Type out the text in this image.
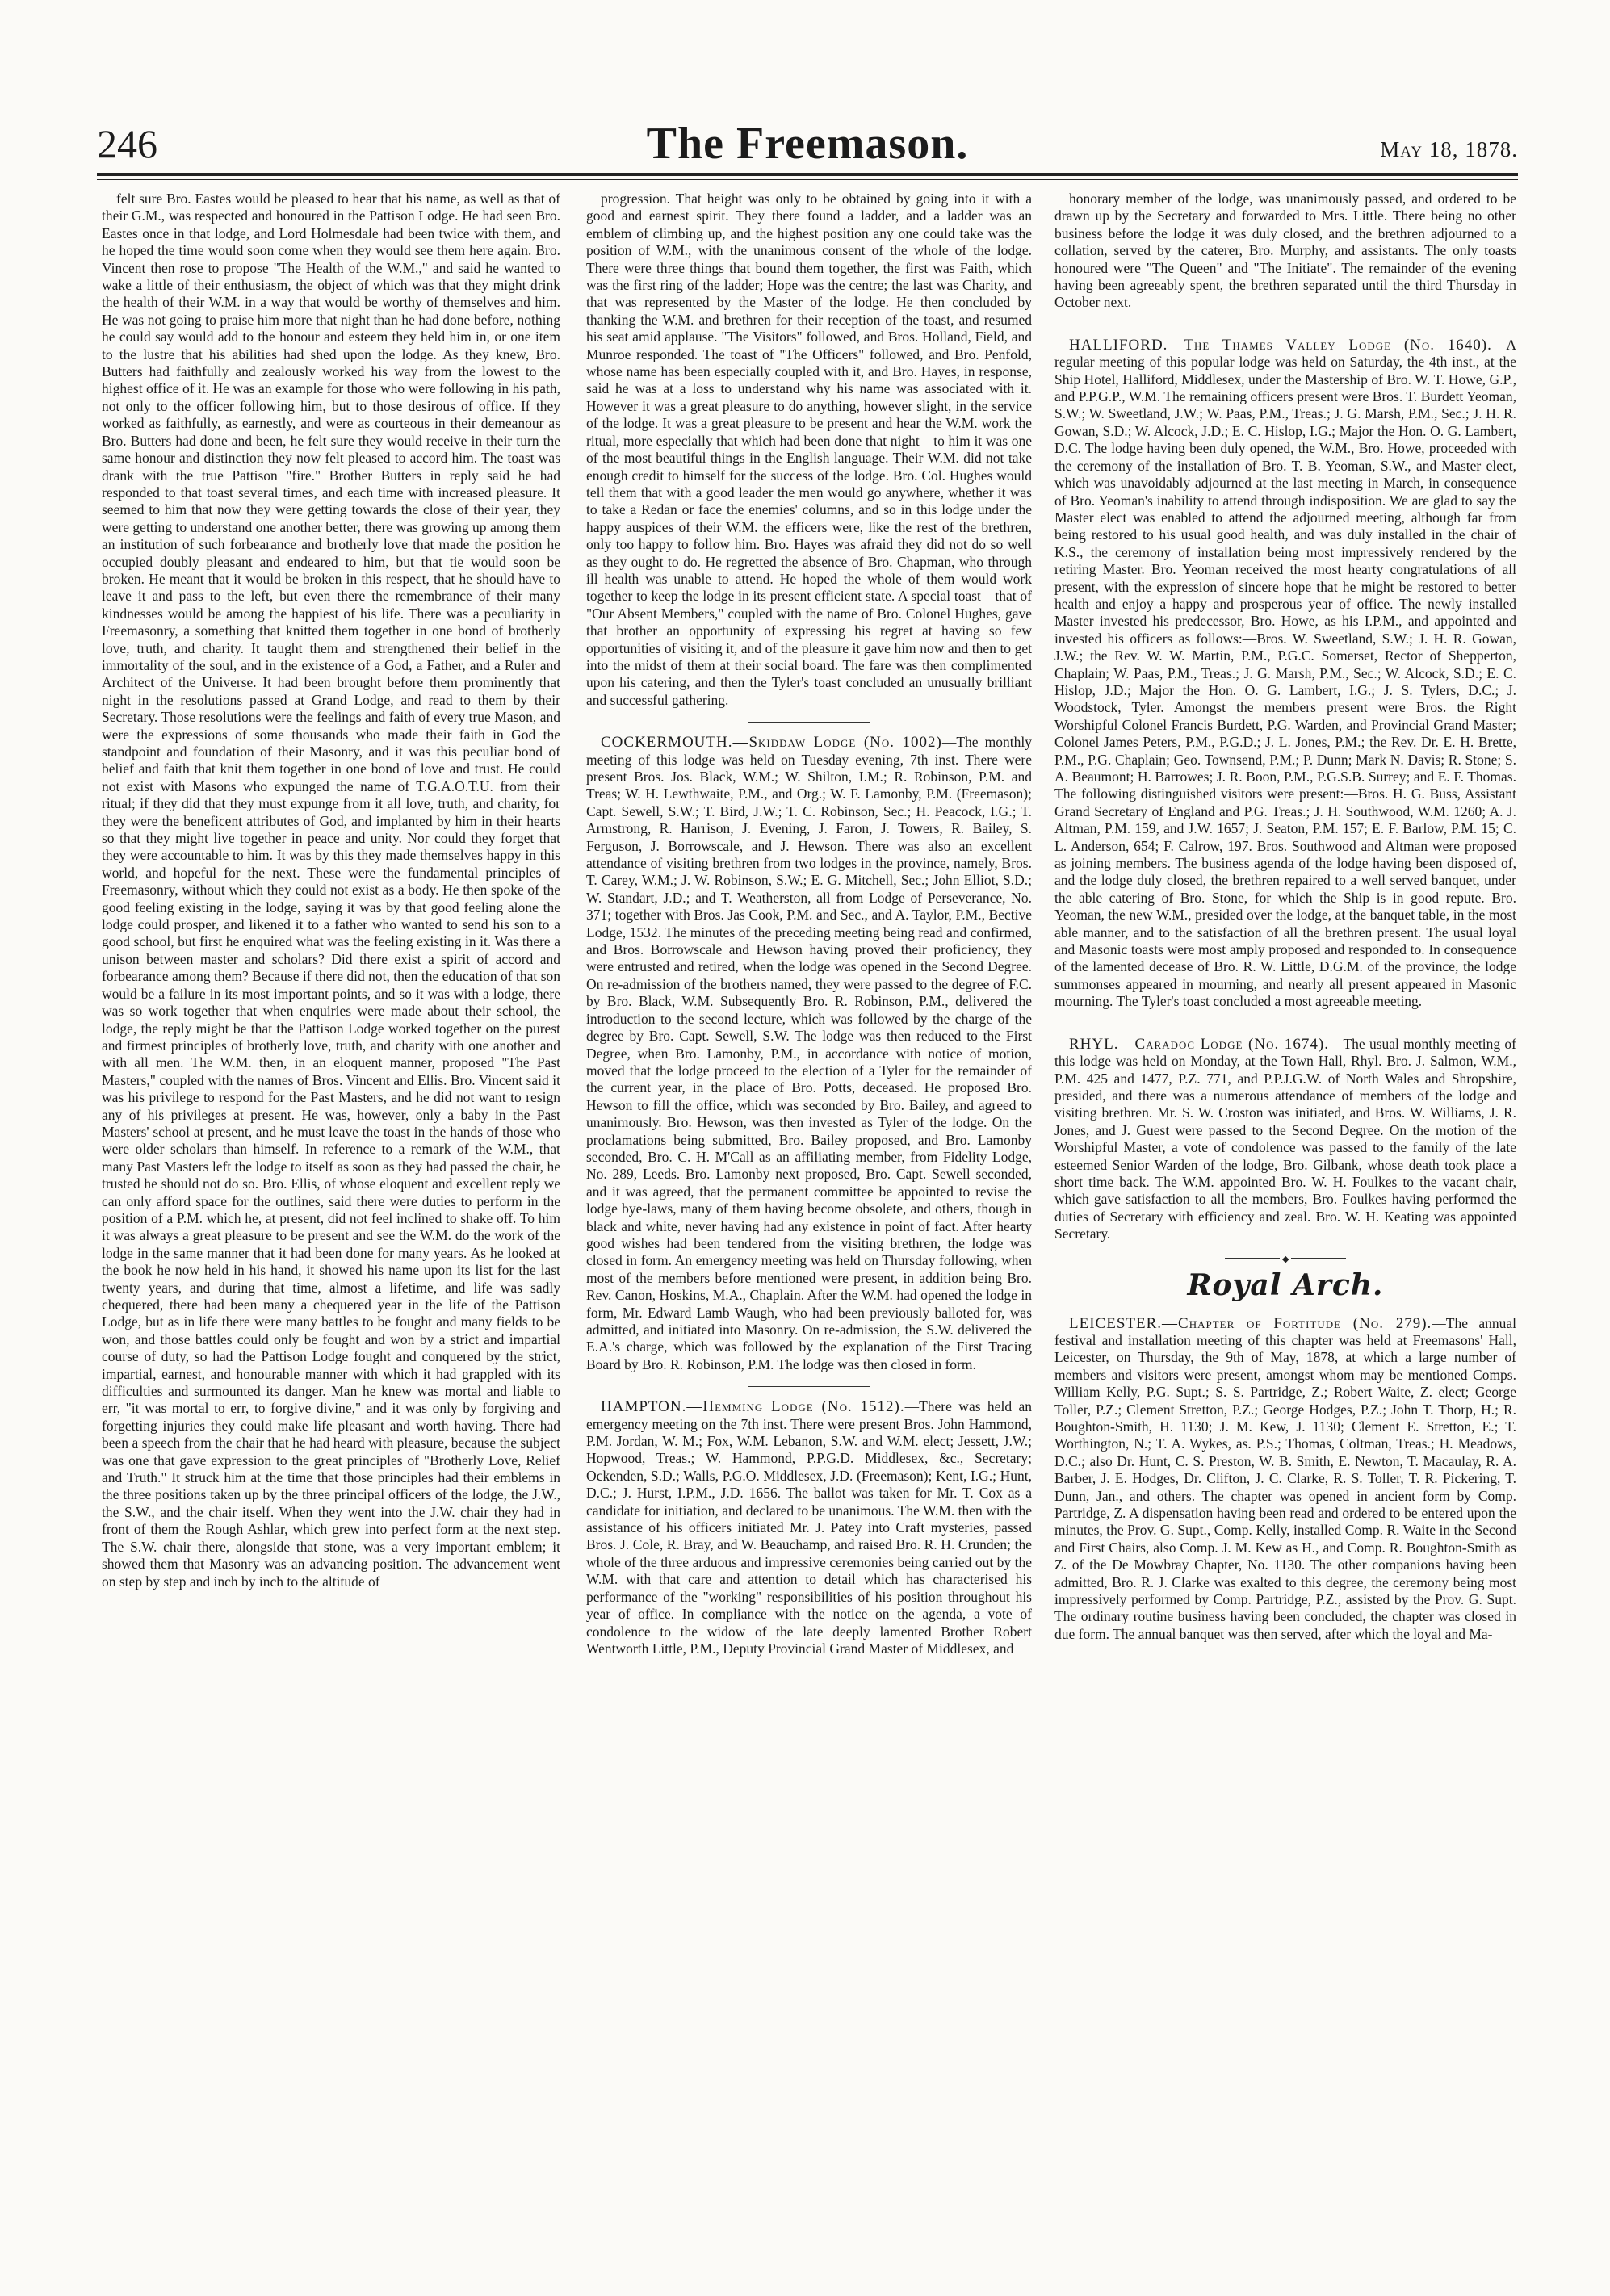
246	The Freemason.	May 18, 1878.

felt sure Bro. Eastes would be pleased to hear that his name, as well as that of their G.M., was respected and honoured in the Pattison Lodge. He had seen Bro. Eastes once in that lodge, and Lord Holmesdale had been twice with them, and he hoped the time would soon come when they would see them here again. Bro. Vincent then rose to propose "The Health of the W.M.," and said he wanted to wake a little of their enthusiasm, the object of which was that they might drink the health of their W.M. in a way that would be worthy of themselves and him. He was not going to praise him more that night than he had done before, nothing he could say would add to the honour and esteem they held him in, or one item to the lustre that his abilities had shed upon the lodge. As they knew, Bro. Butters had faithfully and zealously worked his way from the lowest to the highest office of it. He was an example for those who were following in his path, not only to the officer following him, but to those desirous of office. If they worked as faithfully, as earnestly, and were as courteous in their demeanour as Bro. Butters had done and been, he felt sure they would receive in their turn the same honour and distinction they now felt pleased to accord him. The toast was drank with the true Pattison "fire." Brother Butters in reply said he had responded to that toast several times, and each time with increased pleasure. It seemed to him that now they were getting towards the close of their year, they were getting to understand one another better, there was growing up among them an institution of such forbearance and brotherly love that made the position he occupied doubly pleasant and endeared to him, but that tie would soon be broken. He meant that it would be broken in this respect, that he should have to leave it and pass to the left, but even there the remembrance of their many kindnesses would be among the happiest of his life. There was a peculiarity in Freemasonry, a something that knitted them together in one bond of brotherly love, truth, and charity. It taught them and strengthened their belief in the immortality of the soul, and in the existence of a God, a Father, and a Ruler and Architect of the Universe. It had been brought before them prominently that night in the resolutions passed at Grand Lodge, and read to them by their Secretary. Those resolutions were the feelings and faith of every true Mason, and were the expressions of some thousands who made their faith in God the standpoint and foundation of their Masonry, and it was this peculiar bond of belief and faith that knit them together in one bond of love and trust. He could not exist with Masons who expunged the name of T.G.A.O.T.U. from their ritual; if they did that they must expunge from it all love, truth, and charity, for they were the beneficent attributes of God, and implanted by him in their hearts so that they might live together in peace and unity. Nor could they forget that they were accountable to him. It was by this they made themselves happy in this world, and hopeful for the next. These were the fundamental principles of Freemasonry, without which they could not exist as a body. He then spoke of the good feeling existing in the lodge, saying it was by that good feeling alone the lodge could prosper, and likened it to a father who wanted to send his son to a good school, but first he enquired what was the feeling existing in it. Was there a unison between master and scholars? Did there exist a spirit of accord and forbearance among them? Because if there did not, then the education of that son would be a failure in its most important points, and so it was with a lodge, there was so work together that when enquiries were made about their school, the lodge, the reply might be that the Pattison Lodge worked together on the purest and firmest principles of brotherly love, truth, and charity with one another and with all men. The W.M. then, in an eloquent manner, proposed "The Past Masters," coupled with the names of Bros. Vincent and Ellis. Bro. Vincent said it was his privilege to respond for the Past Masters, and he did not want to resign any of his privileges at present. He was, however, only a baby in the Past Masters' school at present, and he must leave the toast in the hands of those who were older scholars than himself. In reference to a remark of the W.M., that many Past Masters left the lodge to itself as soon as they had passed the chair, he trusted he should not do so. Bro. Ellis, of whose eloquent and excellent reply we can only afford space for the outlines, said there were duties to perform in the position of a P.M. which he, at present, did not feel inclined to shake off. To him it was always a great pleasure to be present and see the W.M. do the work of the lodge in the same manner that it had been done for many years. As he looked at the book he now held in his hand, it showed his name upon its list for the last twenty years, and during that time, almost a lifetime, and life was sadly chequered, there had been many a chequered year in the life of the Pattison Lodge, but as in life there were many battles to be fought and many fields to be won, and those battles could only be fought and won by a strict and impartial course of duty, so had the Pattison Lodge fought and conquered by the strict, impartial, earnest, and honourable manner with which it had grappled with its difficulties and surmounted its danger. Man he knew was mortal and liable to err, "it was mortal to err, to forgive divine," and it was only by forgiving and forgetting injuries they could make life pleasant and worth having. There had been a speech from the chair that he had heard with pleasure, because the subject was one that gave expression to the great principles of "Brotherly Love, Relief and Truth." It struck him at the time that those principles had their emblems in the three positions taken up by the three principal officers of the lodge, the J.W., the S.W., and the chair itself. When they went into the J.W. chair they had in front of them the Rough Ashlar, which grew into perfect form at the next step. The S.W. chair there, alongside that stone, was a very important emblem; it showed them that Masonry was an advancing position. The advancement went on step by step and inch by inch to the altitude of

progression. That height was only to be obtained by going into it with a good and earnest spirit. They there found a ladder, and a ladder was an emblem of climbing up, and the highest position any one could take was the position of W.M., with the unanimous consent of the whole of the lodge. There were three things that bound them together, the first was Faith, which was the first ring of the ladder; Hope was the centre; the last was Charity, and that was represented by the Master of the lodge. He then concluded by thanking the W.M. and brethren for their reception of the toast, and resumed his seat amid applause. "The Visitors" followed, and Bros. Holland, Field, and Munroe responded. The toast of "The Officers" followed, and Bro. Penfold, whose name has been especially coupled with it, and Bro. Hayes, in response, said he was at a loss to understand why his name was associated with it. However it was a great pleasure to do anything, however slight, in the service of the lodge. It was a great pleasure to be present and hear the W.M. work the ritual, more especially that which had been done that night—to him it was one of the most beautiful things in the English language. Their W.M. did not take enough credit to himself for the success of the lodge. Bro. Col. Hughes would tell them that with a good leader the men would go anywhere, whether it was to take a Redan or face the enemies' columns, and so in this lodge under the happy auspices of their W.M. the efficers were, like the rest of the brethren, only too happy to follow him. Bro. Hayes was afraid they did not do so well as they ought to do. He regretted the absence of Bro. Chapman, who through ill health was unable to attend. He hoped the whole of them would work together to keep the lodge in its present efficient state. A special toast—that of "Our Absent Members," coupled with the name of Bro. Colonel Hughes, gave that brother an opportunity of expressing his regret at having so few opportunities of visiting it, and of the pleasure it gave him now and then to get into the midst of them at their social board. The fare was then complimented upon his catering, and then the Tyler's toast concluded an unusually brilliant and successful gathering.

COCKERMOUTH.—Skiddaw Lodge (No. 1002)—The monthly meeting of this lodge was held on Tuesday evening, 7th inst. There were present Bros. Jos. Black, W.M.; W. Shilton, I.M.; R. Robinson, P.M. and Treas; W. H. Lewthwaite, P.M., and Org.; W. F. Lamonby, P.M. (Freemason); Capt. Sewell, S.W.; T. Bird, J.W.; T. C. Robinson, Sec.; H. Peacock, I.G.; T. Armstrong, R. Harrison, J. Evening, J. Faron, J. Towers, R. Bailey, S. Ferguson, J. Borrowscale, and J. Hewson. There was also an excellent attendance of visiting brethren from two lodges in the province, namely, Bros. T. Carey, W.M.; J. W. Robinson, S.W.; E. G. Mitchell, Sec.; John Elliot, S.D.; W. Standart, J.D.; and T. Weatherston, all from Lodge of Perseverance, No. 371; together with Bros. Jas Cook, P.M. and Sec., and A. Taylor, P.M., Bective Lodge, 1532. The minutes of the preceding meeting being read and confirmed, and Bros. Borrowscale and Hewson having proved their proficiency, they were entrusted and retired, when the lodge was opened in the Second Degree. On re-admission of the brothers named, they were passed to the degree of F.C. by Bro. Black, W.M. Subsequently Bro. R. Robinson, P.M., delivered the introduction to the second lecture, which was followed by the charge of the degree by Bro. Capt. Sewell, S.W. The lodge was then reduced to the First Degree, when Bro. Lamonby, P.M., in accordance with notice of motion, moved that the lodge proceed to the election of a Tyler for the remainder of the current year, in the place of Bro. Potts, deceased. He proposed Bro. Hewson to fill the office, which was seconded by Bro. Bailey, and agreed to unanimously. Bro. Hewson, was then invested as Tyler of the lodge. On the proclamations being submitted, Bro. Bailey proposed, and Bro. Lamonby seconded, Bro. C. H. M'Call as an affiliating member, from Fidelity Lodge, No. 289, Leeds. Bro. Lamonby next proposed, Bro. Capt. Sewell seconded, and it was agreed, that the permanent committee be appointed to revise the lodge bye-laws, many of them having become obsolete, and others, though in black and white, never having had any existence in point of fact. After hearty good wishes had been tendered from the visiting brethren, the lodge was closed in form. An emergency meeting was held on Thursday following, when most of the members before mentioned were present, in addition being Bro. Rev. Canon, Hoskins, M.A., Chaplain. After the W.M. had opened the lodge in form, Mr. Edward Lamb Waugh, who had been previously balloted for, was admitted, and initiated into Masonry. On re-admission, the S.W. delivered the E.A.'s charge, which was followed by the explanation of the First Tracing Board by Bro. R. Robinson, P.M. The lodge was then closed in form.

HAMPTON.—Hemming Lodge (No. 1512).—There was held an emergency meeting on the 7th inst. There were present Bros. John Hammond, P.M. Jordan, W. M.; Fox, W.M. Lebanon, S.W. and W.M. elect; Jessett, J.W.; Hopwood, Treas.; W. Hammond, P.P.G.D. Middlesex, &c., Secretary; Ockenden, S.D.; Walls, P.G.O. Middlesex, J.D. (Freemason); Kent, I.G.; Hunt, D.C.; J. Hurst, I.P.M., J.D. 1656. The ballot was taken for Mr. T. Cox as a candidate for initiation, and declared to be unanimous. The W.M. then with the assistance of his officers initiated Mr. J. Patey into Craft mysteries, passed Bros. J. Cole, R. Bray, and W. Beauchamp, and raised Bro. R. H. Crunden; the whole of the three arduous and impressive ceremonies being carried out by the W.M. with that care and attention to detail which has characterised his performance of the "working" responsibilities of his position throughout his year of office. In compliance with the notice on the agenda, a vote of condolence to the widow of the late deeply lamented Brother Robert Wentworth Little, P.M., Deputy Provincial Grand Master of Middlesex, and

honorary member of the lodge, was unanimously passed, and ordered to be drawn up by the Secretary and forwarded to Mrs. Little. There being no other business before the lodge it was duly closed, and the brethren adjourned to a collation, served by the caterer, Bro. Murphy, and assistants. The only toasts honoured were "The Queen" and "The Initiate". The remainder of the evening having been agreeably spent, the brethren separated until the third Thursday in October next.

HALLIFORD.—The Thames Valley Lodge (No. 1640).—A regular meeting of this popular lodge was held on Saturday, the 4th inst., at the Ship Hotel, Halliford, Middlesex, under the Mastership of Bro. W. T. Howe, G.P., and P.P.G.P., W.M. The remaining officers present were Bros. T. Burdett Yeoman, S.W.; W. Sweetland, J.W.; W. Paas, P.M., Treas.; J. G. Marsh, P.M., Sec.; J. H. R. Gowan, S.D.; W. Alcock, J.D.; E. C. Hislop, I.G.; Major the Hon. O. G. Lambert, D.C. The lodge having been duly opened, the W.M., Bro. Howe, proceeded with the ceremony of the installation of Bro. T. B. Yeoman, S.W., and Master elect, which was unavoidably adjourned at the last meeting in March, in consequence of Bro. Yeoman's inability to attend through indisposition. We are glad to say the Master elect was enabled to attend the adjourned meeting, although far from being restored to his usual good health, and was duly installed in the chair of K.S., the ceremony of installation being most impressively rendered by the retiring Master. Bro. Yeoman received the most hearty congratulations of all present, with the expression of sincere hope that he might be restored to better health and enjoy a happy and prosperous year of office. The newly installed Master invested his predecessor, Bro. Howe, as his I.P.M., and appointed and invested his officers as follows:—Bros. W. Sweetland, S.W.; J. H. R. Gowan, J.W.; the Rev. W. W. Martin, P.M., P.G.C. Somerset, Rector of Shepperton, Chaplain; W. Paas, P.M., Treas.; J. G. Marsh, P.M., Sec.; W. Alcock, S.D.; E. C. Hislop, J.D.; Major the Hon. O. G. Lambert, I.G.; J. S. Tylers, D.C.; J. Woodstock, Tyler. Amongst the members present were Bros. the Right Worshipful Colonel Francis Burdett, P.G. Warden, and Provincial Grand Master; Colonel James Peters, P.M., P.G.D.; J. L. Jones, P.M.; the Rev. Dr. E. H. Brette, P.M., P.G. Chaplain; Geo. Townsend, P.M.; P. Dunn; Mark N. Davis; R. Stone; S. A. Beaumont; H. Barrowes; J. R. Boon, P.M., P.G.S.B. Surrey; and E. F. Thomas. The following distinguished visitors were present:—Bros. H. G. Buss, Assistant Grand Secretary of England and P.G. Treas.; J. H. Southwood, W.M. 1260; A. J. Altman, P.M. 159, and J.W. 1657; J. Seaton, P.M. 157; E. F. Barlow, P.M. 15; C. L. Anderson, 654; F. Calrow, 197. Bros. Southwood and Altman were proposed as joining members. The business agenda of the lodge having been disposed of, and the lodge duly closed, the brethren repaired to a well served banquet, under the able catering of Bro. Stone, for which the Ship is in good repute. Bro. Yeoman, the new W.M., presided over the lodge, at the banquet table, in the most able manner, and to the satisfaction of all the brethren present. The usual loyal and Masonic toasts were most amply proposed and responded to. In consequence of the lamented decease of Bro. R. W. Little, D.G.M. of the province, the lodge summonses appeared in mourning, and nearly all present appeared in Masonic mourning. The Tyler's toast concluded a most agreeable meeting.

RHYL.—Caradoc Lodge (No. 1674).—The usual monthly meeting of this lodge was held on Monday, at the Town Hall, Rhyl. Bro. J. Salmon, W.M., P.M. 425 and 1477, P.Z. 771, and P.P.J.G.W. of North Wales and Shropshire, presided, and there was a numerous attendance of members of the lodge and visiting brethren. Mr. S. W. Croston was initiated, and Bros. W. Williams, J. R. Jones, and J. Guest were passed to the Second Degree. On the motion of the Worshipful Master, a vote of condolence was passed to the family of the late esteemed Senior Warden of the lodge, Bro. Gilbank, whose death took place a short time back. The W.M. appointed Bro. W. H. Foulkes to the vacant chair, which gave satisfaction to all the members, Bro. Foulkes having performed the duties of Secretary with efficiency and zeal. Bro. W. H. Keating was appointed Secretary.

◆
Royal Arch.

LEICESTER.—Chapter of Fortitude (No. 279).—The annual festival and installation meeting of this chapter was held at Freemasons' Hall, Leicester, on Thursday, the 9th of May, 1878, at which a large number of members and visitors were present, amongst whom may be mentioned Comps. William Kelly, P.G. Supt.; S. S. Partridge, Z.; Robert Waite, Z. elect; George Toller, P.Z.; Clement Stretton, P.Z.; George Hodges, P.Z.; John T. Thorp, H.; R. Boughton-Smith, H. 1130; J. M. Kew, J. 1130; Clement E. Stretton, E.; T. Worthington, N.; T. A. Wykes, as. P.S.; Thomas, Coltman, Treas.; H. Meadows, D.C.; also Dr. Hunt, C. S. Preston, W. B. Smith, E. Newton, T. Macaulay, R. A. Barber, J. E. Hodges, Dr. Clifton, J. C. Clarke, R. S. Toller, T. R. Pickering, T. Dunn, Jan., and others. The chapter was opened in ancient form by Comp. Partridge, Z. A dispensation having been read and ordered to be entered upon the minutes, the Prov. G. Supt., Comp. Kelly, installed Comp. R. Waite in the Second and First Chairs, also Comp. J. M. Kew as H., and Comp. R. Boughton-Smith as Z. of the De Mowbray Chapter, No. 1130. The other companions having been admitted, Bro. R. J. Clarke was exalted to this degree, the ceremony being most impressively performed by Comp. Partridge, P.Z., assisted by the Prov. G. Supt. The ordinary routine business having been concluded, the chapter was closed in due form. The annual banquet was then served, after which the loyal and Ma-
